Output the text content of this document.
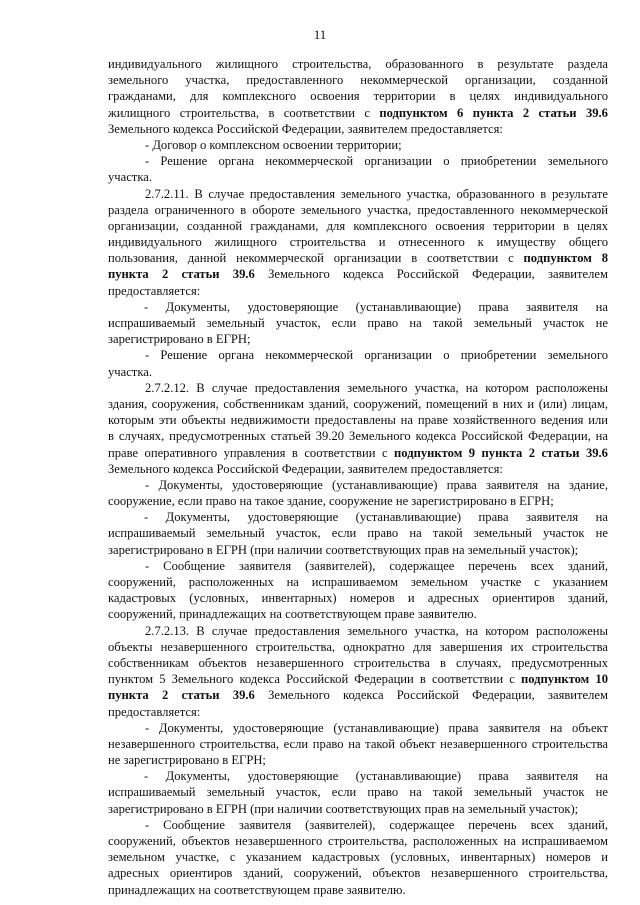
11
индивидуального жилищного строительства, образованного в результате раздела
земельного участка, предоставленного некоммерческой организации, созданной
гражданами, для комплексного освоения территории в целях индивидуального
жилищного строительства, в соответствии с подпунктом 6 пункта 2 статьи 39.6
Земельного кодекса Российской Федерации, заявителем предоставляется:
- Договор о комплексном освоении территории;
- Решение органа некоммерческой организации о приобретении земельного
участка.
2.7.2.11. В случае предоставления земельного участка, образованного в результате
раздела ограниченного в обороте земельного участка, предоставленного некоммерческой
организации, созданной гражданами, для комплексного освоения территории в целях
индивидуального жилищного строительства и отнесенного к имуществу общего
пользования, данной некоммерческой организации в соответствии с подпунктом 8
пункта 2 статьи 39.6 Земельного кодекса Российской Федерации, заявителем
предоставляется:
- Документы, удостоверяющие (устанавливающие) права заявителя на
испрашиваемый земельный участок, если право на такой земельный участок не
зарегистрировано в ЕГРН;
- Решение органа некоммерческой организации о приобретении земельного
участка.
2.7.2.12. В случае предоставления земельного участка, на котором расположены
здания, сооружения, собственникам зданий, сооружений, помещений в них и (или) лицам,
которым эти объекты недвижимости предоставлены на праве хозяйственного ведения или
в случаях, предусмотренных статьей 39.20 Земельного кодекса Российской Федерации, на
праве оперативного управления в соответствии с подпунктом 9 пункта 2 статьи 39.6
Земельного кодекса Российской Федерации, заявителем предоставляется:
- Документы, удостоверяющие (устанавливающие) права заявителя на здание,
сооружение, если право на такое здание, сооружение не зарегистрировано в ЕГРН;
- Документы, удостоверяющие (устанавливающие) права заявителя на
испрашиваемый земельный участок, если право на такой земельный участок не
зарегистрировано в ЕГРН (при наличии соответствующих прав на земельный участок);
- Сообщение заявителя (заявителей), содержащее перечень всех зданий,
сооружений, расположенных на испрашиваемом земельном участке с указанием
кадастровых (условных, инвентарных) номеров и адресных ориентиров зданий,
сооружений, принадлежащих на соответствующем праве заявителю.
2.7.2.13. В случае предоставления земельного участка, на котором расположены
объекты незавершенного строительства, однократно для завершения их строительства
собственникам объектов незавершенного строительства в случаях, предусмотренных
пунктом 5 Земельного кодекса Российской Федерации в соответствии с подпунктом 10
пункта 2 статьи 39.6 Земельного кодекса Российской Федерации, заявителем
предоставляется:
- Документы, удостоверяющие (устанавливающие) права заявителя на объект
незавершенного строительства, если право на такой объект незавершенного строительства
не зарегистрировано в ЕГРН;
- Документы, удостоверяющие (устанавливающие) права заявителя на
испрашиваемый земельный участок, если право на такой земельный участок не
зарегистрировано в ЕГРН (при наличии соответствующих прав на земельный участок);
- Сообщение заявителя (заявителей), содержащее перечень всех зданий,
сооружений, объектов незавершенного строительства, расположенных на испрашиваемом
земельном участке, с указанием кадастровых (условных, инвентарных) номеров и
адресных ориентиров зданий, сооружений, объектов незавершенного строительства,
принадлежащих на соответствующем праве заявителю.
